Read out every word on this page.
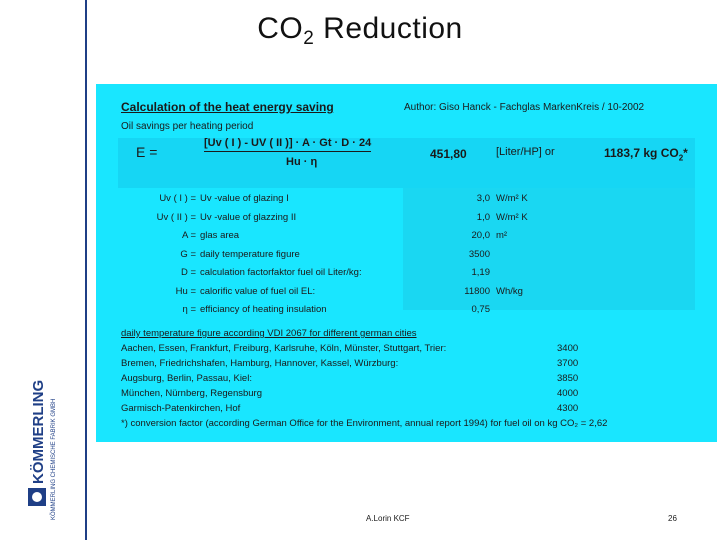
$CO_2$ Reduction
KÖMMERLING KÖMMERLING CHEMISCHE FABRIK GMBH
Calculation of the heat energy saving	Author: Giso Hanck - Fachglas MarkenKreis / 10-2002
Oil savings per heating period
E =
[Uv ( I ) - UV ( II )] · A · Gt · D · 24
Hu · η
451,80	[Liter/HP] or	1183,7 kg $CO_2*$
Uv ( I ) = Uv -value of glazing I	3,0 W/m² K
Uv ( II ) = Uv -value of glazzing II	1,0 W/m² K
A = glas area	20,0 m²
G = daily temperature figure	3500
D = calculation factorfaktor fuel oil Liter/kg:	1,19
Hu = calorific value of fuel oil EL:	11800 Wh/kg
η = efficiancy of heating insulation	0,75
daily temperature figure according VDI 2067 for different german cities
Aachen, Essen, Frankfurt, Freiburg, Karlsruhe, Köln, Münster, Stuttgart, Trier:	3400
Bremen, Friedrichshafen, Hamburg, Hannover, Kassel, Würzburg:	3700
Augsburg, Berlin, Passau, Kiel:	3850
München, Nürnberg, Regensburg	4000
Garmisch-Patenkirchen, Hof	4300
*) conversion factor (according German Office for the Environment, annual report 1994) for fuel oil on kg CO₂ = 2,62
A.Lorin KCF	26
